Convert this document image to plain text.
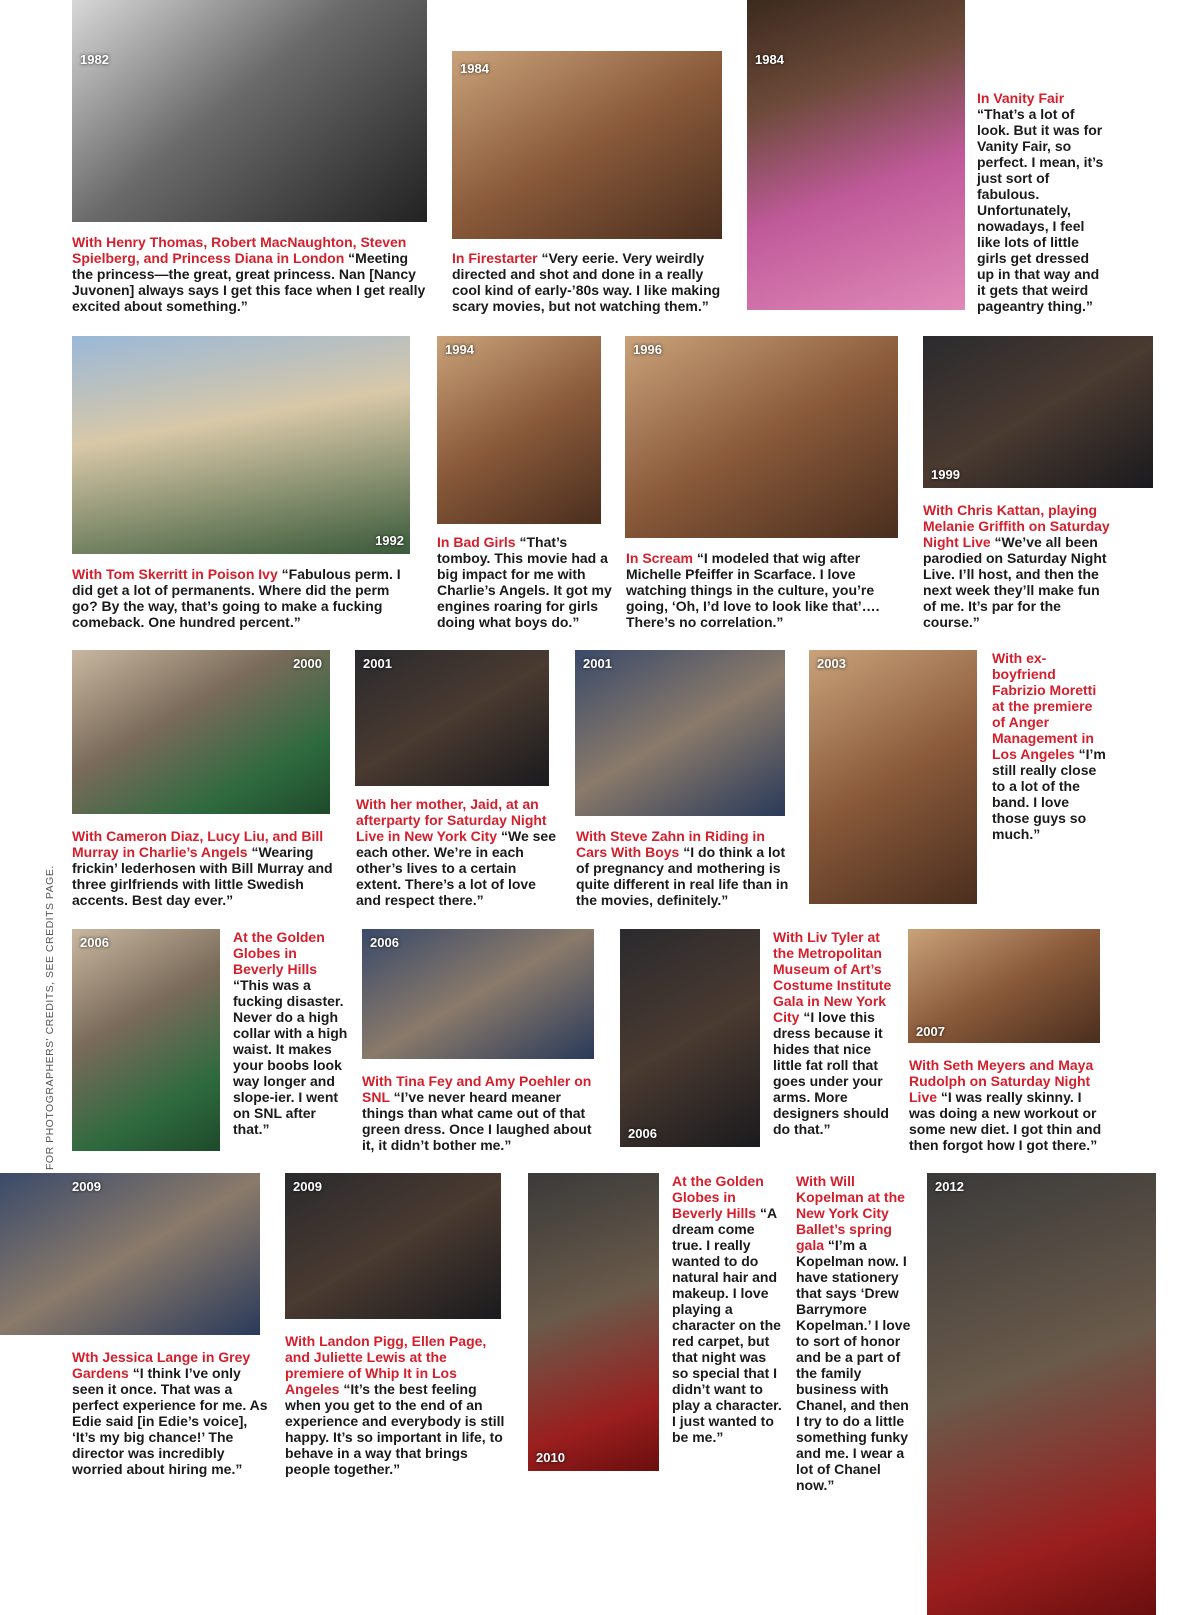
FOR PHOTOGRAPHERS' CREDITS, SEE CREDITS PAGE.
1982
With Henry Thomas, Robert MacNaughton, Steven Spielberg, and Princess Diana in London “Meeting the princess—the great, great princess. Nan [Nancy Juvonen] always says I get this face when I get really excited about something.”
1984
In Firestarter “Very eerie. Very weirdly directed and shot and done in a really cool kind of early-’80s way. I like making scary movies, but not watching them.”
1984
In Vanity Fair “That’s a lot of look. But it was for Vanity Fair, so perfect. I mean, it’s just sort of fabulous. Unfortunately, nowadays, I feel like lots of little girls get dressed up in that way and it gets that weird pageantry thing.”
1992
With Tom Skerritt in Poison Ivy “Fabulous perm. I did get a lot of permanents. Where did the perm go? By the way, that’s going to make a fucking comeback. One hundred percent.”
1994
In Bad Girls “That’s tomboy. This movie had a big impact for me with Charlie’s Angels. It got my engines roaring for girls doing what boys do.”
1996
In Scream “I modeled that wig after Michelle Pfeiffer in Scarface. I love watching things in the culture, you’re going, ‘Oh, I’d love to look like that’…. There’s no correlation.”
1999
With Chris Kattan, playing Melanie Griffith on Saturday Night Live “We’ve all been parodied on Saturday Night Live. I’ll host, and then the next week they’ll make fun of me. It’s par for the course.”
2000
With Cameron Diaz, Lucy Liu, and Bill Murray in Charlie’s Angels “Wearing frickin’ lederhosen with Bill Murray and three girlfriends with little Swedish accents. Best day ever.”
2001
With her mother, Jaid, at an afterparty for Saturday Night Live in New York City “We see each other. We’re in each other’s lives to a certain extent. There’s a lot of love and respect there.”
2001
With Steve Zahn in Riding in Cars With Boys “I do think a lot of pregnancy and mothering is quite different in real life than in the movies, definitely.”
2003	With ex-boyfriend Fabrizio Moretti at the premiere of Anger Management in Los Angeles “I’m still really close to a lot of the band. I love those guys so much.”
2006	At the Golden Globes in Beverly Hills “This was a fucking disaster. Never do a high collar with a high waist. It makes your boobs look way longer and slope-ier. I went on SNL after that.”
2006
With Tina Fey and Amy Poehler on SNL “I’ve never heard meaner things than what came out of that green dress. Once I laughed about it, it didn’t bother me.”
2006
With Liv Tyler at the Metropolitan Museum of Art’s Costume Institute Gala in New York City “I love this dress because it hides that nice little fat roll that goes under your arms. More designers should do that.”
2007
With Seth Meyers and Maya Rudolph on Saturday Night Live “I was really skinny. I was doing a new workout or some new diet. I got thin and then forgot how I got there.”
2009
Wth Jessica Lange in Grey Gardens “I think I’ve only seen it once. That was a perfect experience for me. As Edie said [in Edie’s voice], ‘It’s my big chance!’ The director was incredibly worried about hiring me.”
2009
With Landon Pigg, Ellen Page, and Juliette Lewis at the premiere of Whip It in Los Angeles “It’s the best feeling when you get to the end of an experience and everybody is still happy. It’s so important in life, to behave in a way that brings people together.”
2010
At the Golden Globes in Beverly Hills “A dream come true. I really wanted to do natural hair and makeup. I love playing a character on the red carpet, but that night was so special that I didn’t want to play a character. I just wanted to be me.”
With Will Kopelman at the New York City Ballet’s spring gala “I’m a Kopelman now. I have stationery that says ‘Drew Barrymore Kopelman.’ I love to sort of honor and be a part of the family business with Chanel, and then I try to do a little something funky and me. I wear a lot of Chanel now.”
2012
